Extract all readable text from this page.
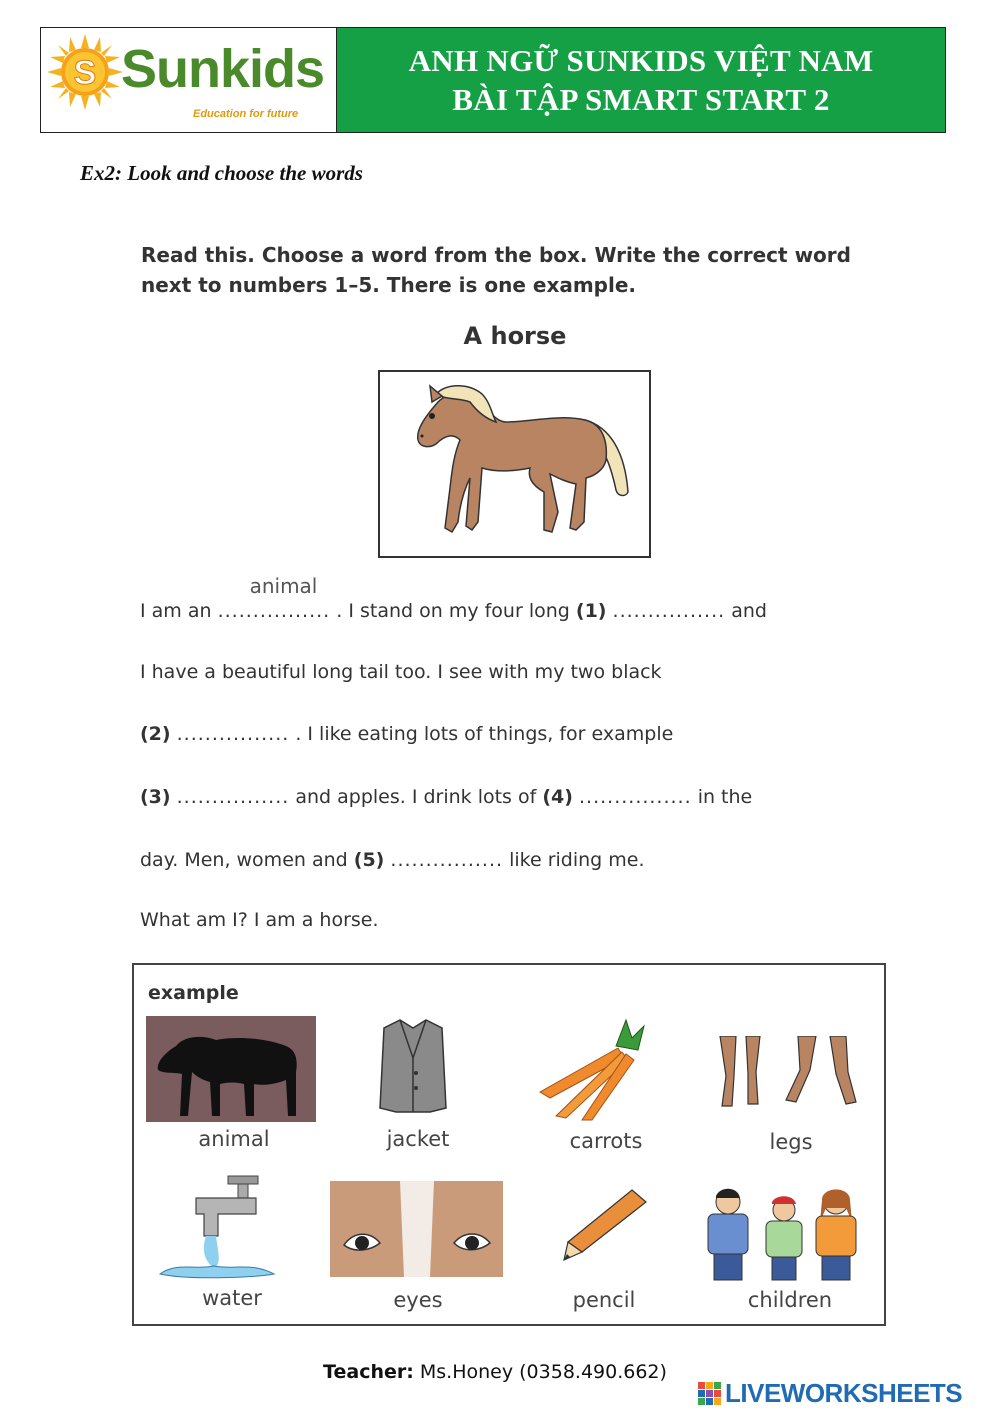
S Sunkids
Education for future
ANH NGỮ SUNKIDS VIỆT NAM
BÀI TẬP SMART START 2
Ex2: Look and choose the words
Read this. Choose a word from the box. Write the correct word next to numbers 1–5. There is one example.
A horse
I am an ................
animal
. I stand on my four long (1) ................ and
I have a beautiful long tail too. I see with my two black
(2) ................ . I like eating lots of things, for example
(3) ................ and apples. I drink lots of (4) ................ in the
day. Men, women and (5) ................ like riding me.
What am I? I am a horse.
example
animal	jacket	carrots	legs
water	eyes	pencil	children
Teacher: Ms.Honey (0358.490.662)
LIVEWORKSHEETS
